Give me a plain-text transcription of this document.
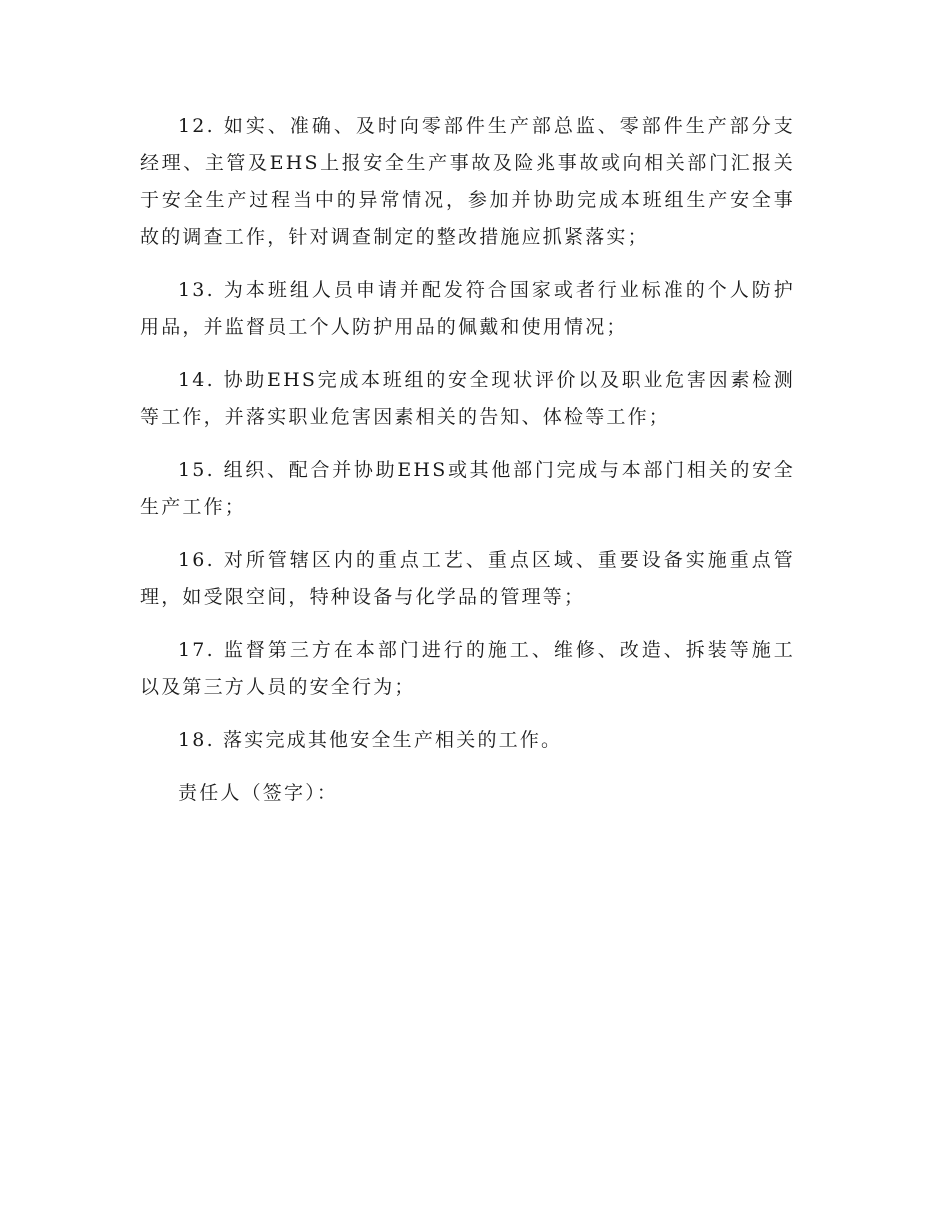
12. 如实、准确、及时向零部件生产部总监、零部件生产部分支经理、主管及EHS上报安全生产事故及险兆事故或向相关部门汇报关于安全生产过程当中的异常情况，参加并协助完成本班组生产安全事故的调查工作，针对调查制定的整改措施应抓紧落实；

13. 为本班组人员申请并配发符合国家或者行业标准的个人防护用品，并监督员工个人防护用品的佩戴和使用情况；

14. 协助EHS完成本班组的安全现状评价以及职业危害因素检测等工作，并落实职业危害因素相关的告知、体检等工作；

15. 组织、配合并协助EHS或其他部门完成与本部门相关的安全生产工作；

16. 对所管辖区内的重点工艺、重点区域、重要设备实施重点管理，如受限空间，特种设备与化学品的管理等；

17. 监督第三方在本部门进行的施工、维修、改造、拆装等施工以及第三方人员的安全行为；

18. 落实完成其他安全生产相关的工作。

责任人（签字）：
